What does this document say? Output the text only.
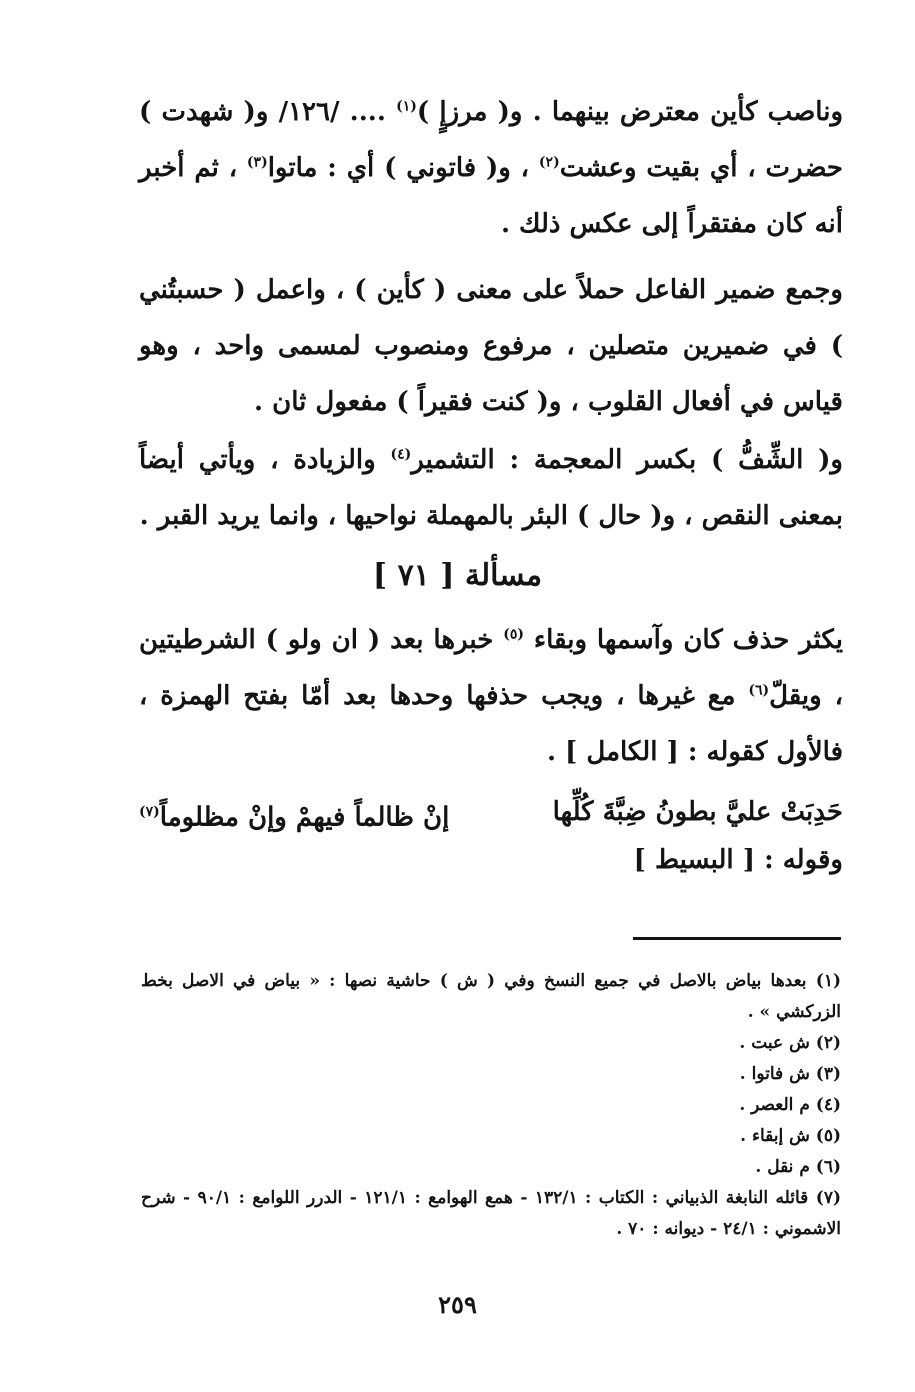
وناصب كأين معترض بينهما . و( مرزإٍ )$^{(١)}$ .... /١٢٦/ و( شهدت ) حضرت ، أي بقيت وعشت$^{(٢)}$ ، و( فاتوني ) أي : ماتوا$^{(٣)}$ ، ثم أخبر أنه كان مفتقراً إلى عكس ذلك .

وجمع ضمير الفاعل حملاً على معنى ( كأين ) ، واعمل ( حسبتُني ) في ضميرين متصلين ، مرفوع ومنصوب لمسمى واحد ، وهو قياس في أفعال القلوب ، و( كنت فقيراً ) مفعول ثان .

و( الشِّفُّ ) بكسر المعجمة : التشمير$^{(٤)}$ والزيادة ، ويأتي أيضاً بمعنى النقص ، و( حال ) البئر بالمهملة نواحيها ، وانما يريد القبر .

مسألة [ ٧١ ]

يكثر حذف كان وآسمها وبقاء $^{(٥)}$ خبرها بعد ( ان ولو ) الشرطيتين ، ويقلّ$^{(٦)}$ مع غيرها ، ويجب حذفها وحدها بعد أمّا بفتح الهمزة ، فالأول كقوله : [ الكامل ] .

حَدِبَتْ عليَّ بطونُ ضِبَّةَ كُلِّها
إنْ ظالماً فيهمْ وإنْ مظلوماً$^{(٧)}$
وقوله : [ البسيط ]
(١) بعدها بياض بالاصل في جميع النسخ وفي ( ش ) حاشية نصها : « بياض في الاصل بخط الزركشي » .
(٢) ش عبت .
(٣) ش فاتوا .
(٤) م العصر .
(٥) ش إبقاء .
(٦) م نقل .
(٧) قائله النابغة الذبياني : الكتاب : ١٣٢/١ - همع الهوامع : ١٢١/١ - الدرر اللوامع : ٩٠/١ - شرح الاشموني : ٢٤/١ - ديوانه : ٧٠ .
٢٥٩
